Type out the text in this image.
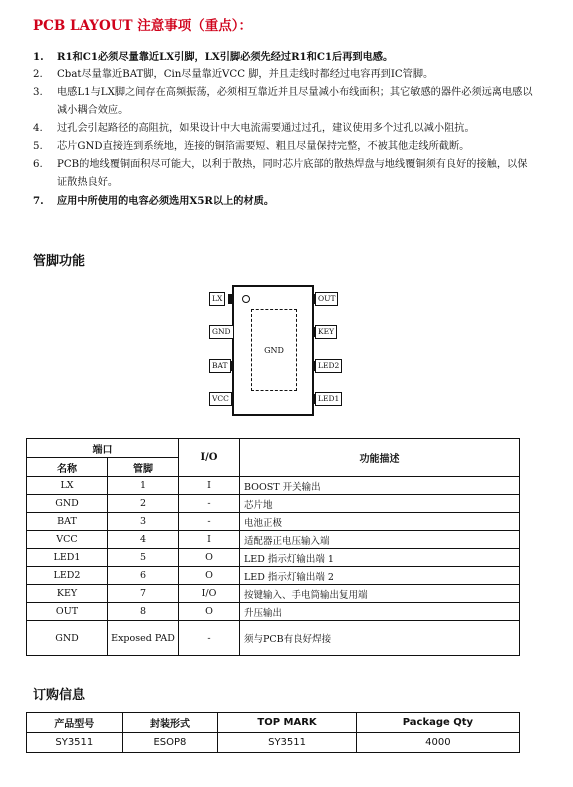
PCB LAYOUT 注意事项（重点）：
1. R1和C1必须尽量靠近LX引脚，LX引脚必须先经过R1和C1后再到电感。
2. Cbat尽量靠近BAT脚，Cin尽量靠近VCC 脚，并且走线时都经过电容再到IC管脚。
3. 电感L1与LX脚之间存在高频振荡，必须相互靠近并且尽量减小布线面积；其它敏感的器件必须远离电感以减小耦合效应。
4. 过孔会引起路径的高阻抗，如果设计中大电流需要通过过孔，建议使用多个过孔以减小阻抗。
5. 芯片GND直接连到系统地，连接的铜箔需要短、粗且尽量保持完整，不被其他走线所截断。
6. PCB的地线覆铜面积尽可能大，以利于散热，同时芯片底部的散热焊盘与地线覆铜须有良好的接触，以保证散热良好。
7. 应用中所使用的电容必须选用X5R以上的材质。
管脚功能
GND
LX
GND
BAT
VCC
OUT
KEY
LED2
LED1
端口		I/O	功能描述
名称	管脚		
LX	1	I	BOOST 开关输出
GND	2	-	芯片地
BAT	3	-	电池正极
VCC	4	I	适配器正电压输入端
LED1	5	O	LED 指示灯输出端 1
LED2	6	O	LED 指示灯输出端 2
KEY	7	I/O	按键输入、手电筒输出复用端
OUT	8	O	升压输出
GND	Exposed PAD	-	须与PCB有良好焊接
订购信息
产品型号	封装形式	TOP MARK	Package Qty
SY3511	ESOP8	SY3511	4000
